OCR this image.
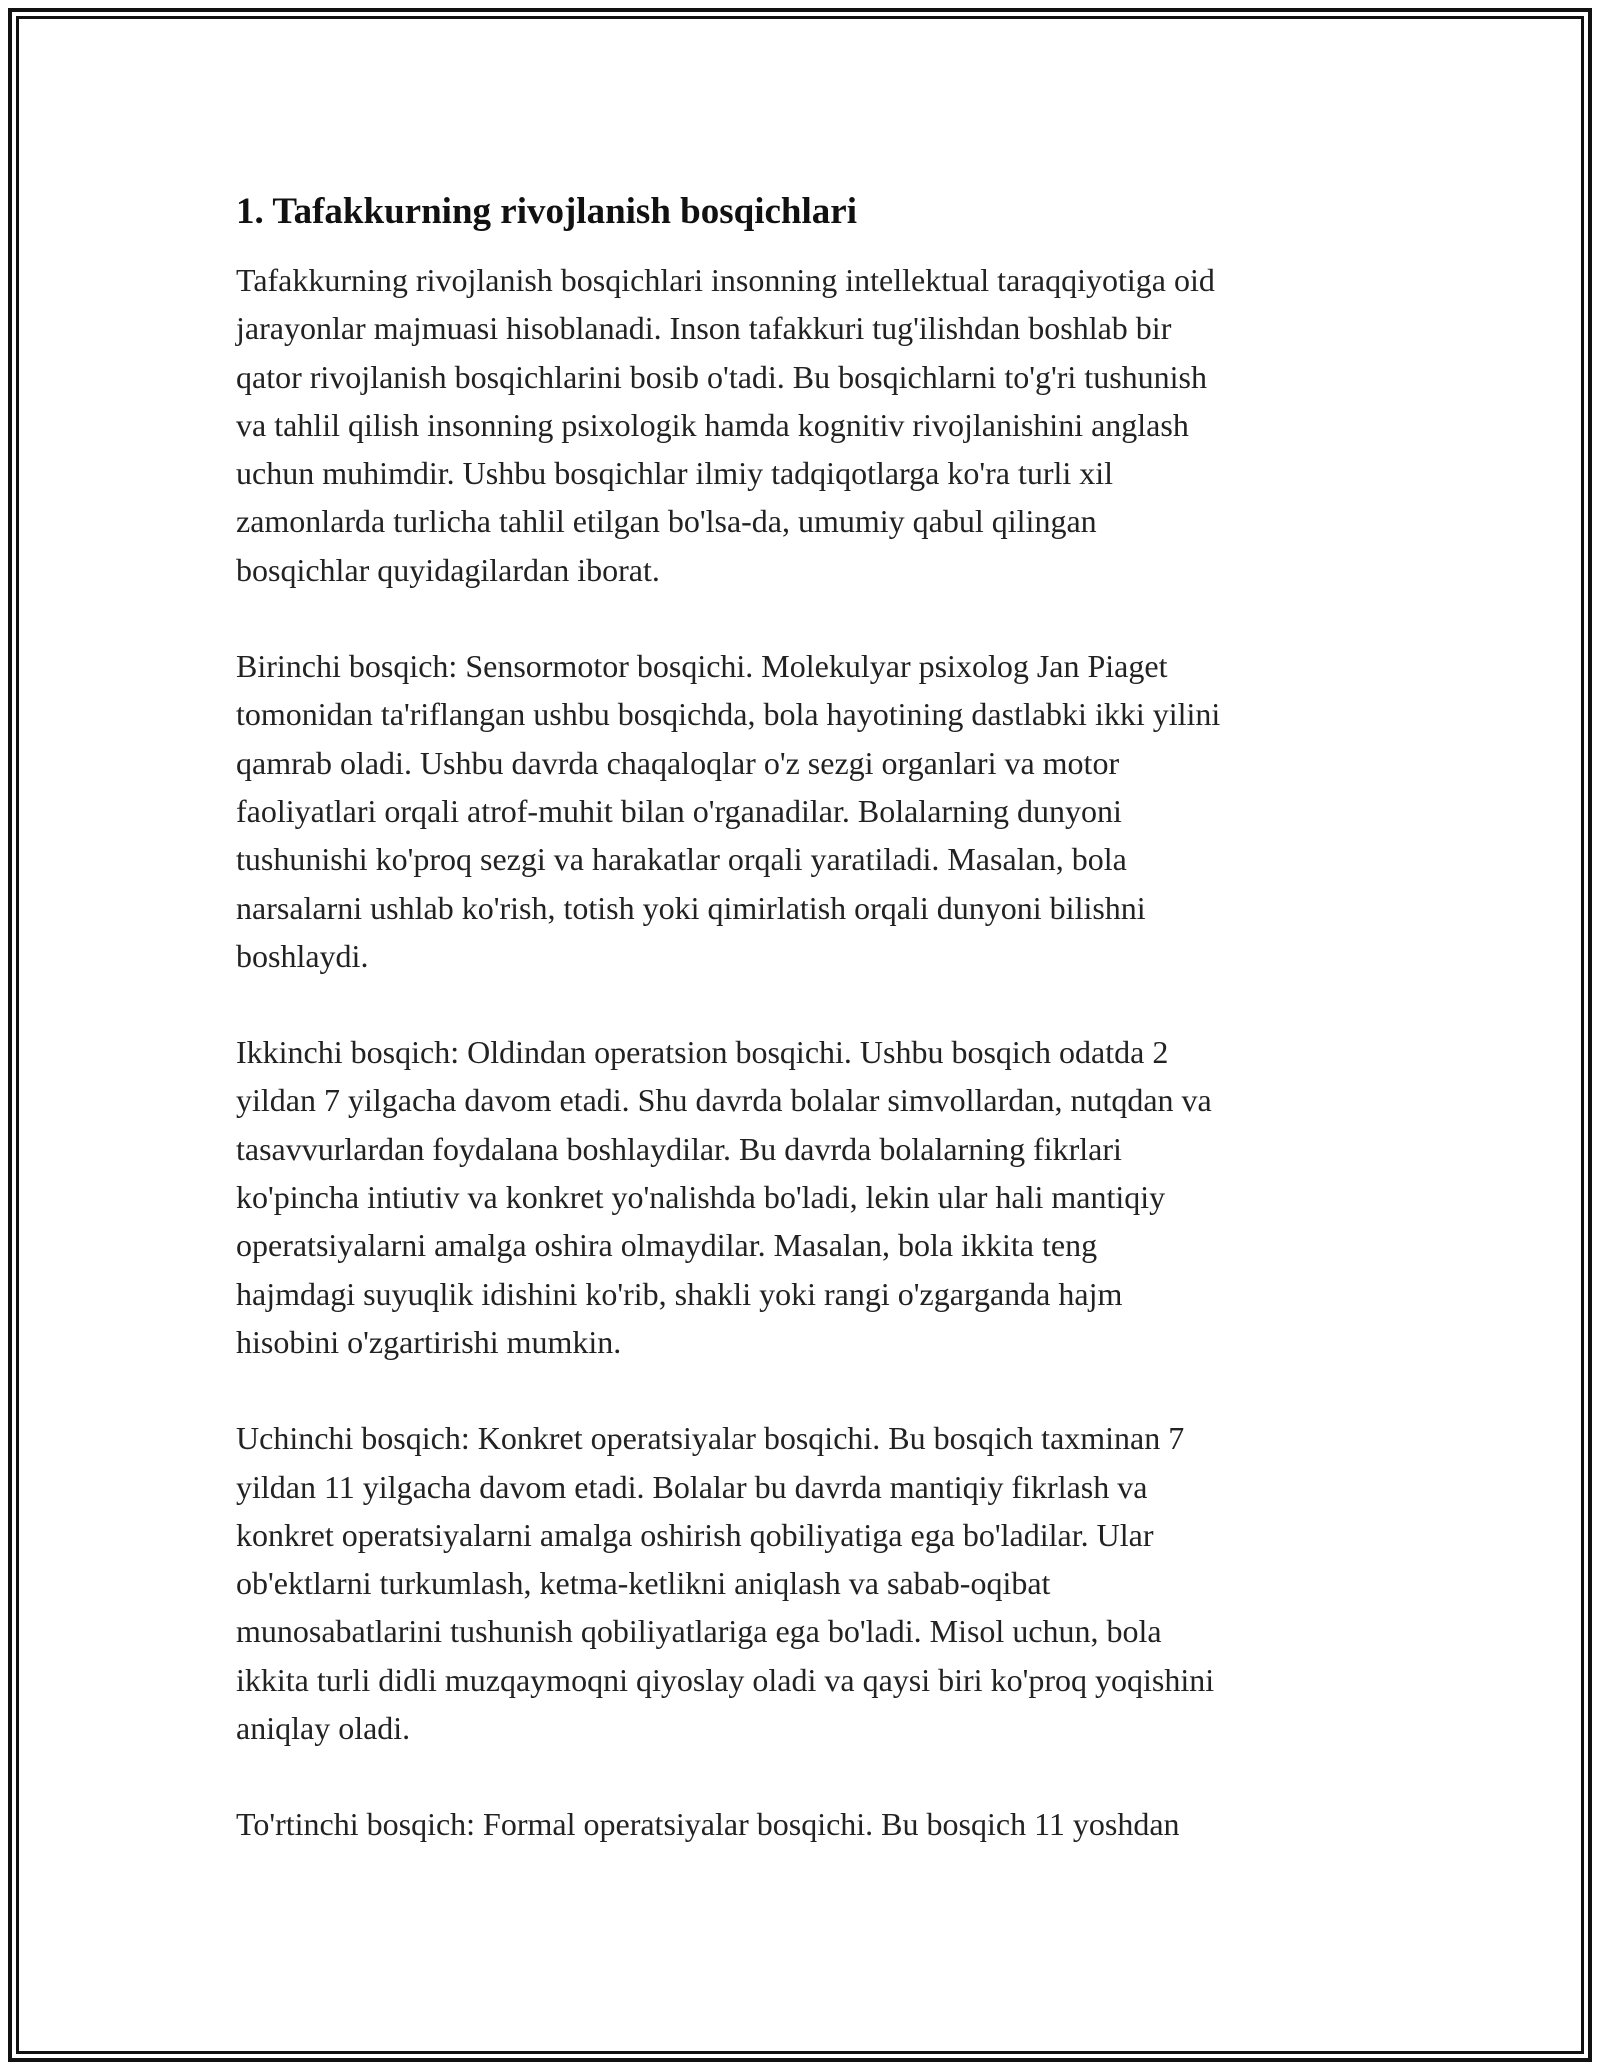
1. Tafakkurning rivojlanish bosqichlari

Tafakkurning rivojlanish bosqichlari insonning intellektual taraqqiyotiga oid
jarayonlar majmuasi hisoblanadi. Inson tafakkuri tug'ilishdan boshlab bir
qator rivojlanish bosqichlarini bosib o'tadi. Bu bosqichlarni to'g'ri tushunish
va tahlil qilish insonning psixologik hamda kognitiv rivojlanishini anglash
uchun muhimdir. Ushbu bosqichlar ilmiy tadqiqotlarga ko'ra turli xil
zamonlarda turlicha tahlil etilgan bo'lsa-da, umumiy qabul qilingan
bosqichlar quyidagilardan iborat.

Birinchi bosqich: Sensormotor bosqichi. Molekulyar psixolog Jan Piaget
tomonidan ta'riflangan ushbu bosqichda, bola hayotining dastlabki ikki yilini
qamrab oladi. Ushbu davrda chaqaloqlar o'z sezgi organlari va motor
faoliyatlari orqali atrof-muhit bilan o'rganadilar. Bolalarning dunyoni
tushunishi ko'proq sezgi va harakatlar orqali yaratiladi. Masalan, bola
narsalarni ushlab ko'rish, totish yoki qimirlatish orqali dunyoni bilishni
boshlaydi.

Ikkinchi bosqich: Oldindan operatsion bosqichi. Ushbu bosqich odatda 2
yildan 7 yilgacha davom etadi. Shu davrda bolalar simvollardan, nutqdan va
tasavvurlardan foydalana boshlaydilar. Bu davrda bolalarning fikrlari
ko'pincha intiutiv va konkret yo'nalishda bo'ladi, lekin ular hali mantiqiy
operatsiyalarni amalga oshira olmaydilar. Masalan, bola ikkita teng
hajmdagi suyuqlik idishini ko'rib, shakli yoki rangi o'zgarganda hajm
hisobini o'zgartirishi mumkin.

Uchinchi bosqich: Konkret operatsiyalar bosqichi. Bu bosqich taxminan 7
yildan 11 yilgacha davom etadi. Bolalar bu davrda mantiqiy fikrlash va
konkret operatsiyalarni amalga oshirish qobiliyatiga ega bo'ladilar. Ular
ob'ektlarni turkumlash, ketma-ketlikni aniqlash va sabab-oqibat
munosabatlarini tushunish qobiliyatlariga ega bo'ladi. Misol uchun, bola
ikkita turli didli muzqaymoqni qiyoslay oladi va qaysi biri ko'proq yoqishini
aniqlay oladi.

To'rtinchi bosqich: Formal operatsiyalar bosqichi. Bu bosqich 11 yoshdan
